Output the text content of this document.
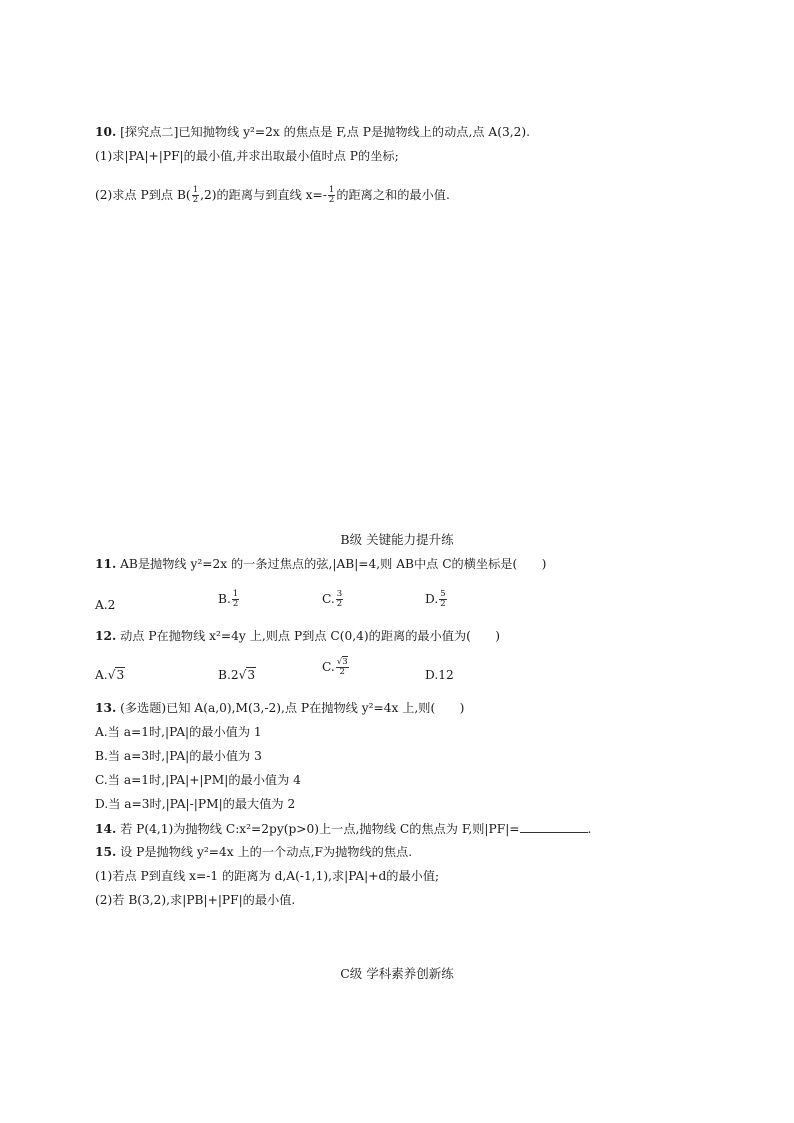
10. [探究点二]已知抛物线 y²=2x 的焦点是 F,点 P是抛物线上的动点,点 A(3,2).
(1)求|PA|+|PF|的最小值,并求出取最小值时点 P的坐标;
(2)求点 P到点 $B( \frac{1}{2} ,2)$的距离与到直线 $x=- \frac{1}{2}$ 的距离之和的最小值.
B级 关键能力提升练
11. AB是抛物线 y²=2x 的一条过焦点的弦,|AB|=4,则 AB中点 C的横坐标是(　　)
A.2	B. $\frac{1}{2}$	C. $\frac{3}{2}$	D. $\frac{5}{2}$
12. 动点 P在抛物线 x²=4y 上,则点 P到点 C(0,4)的距离的最小值为(　　)
A.√3	B.2√3
C. $\frac{√3}{2}$	D.12
13. (多选题)已知 A(a,0),M(3,-2),点 P在抛物线 y²=4x 上,则(　　)
A.当 a=1时,|PA|的最小值为 1
B.当 a=3时,|PA|的最小值为 3
C.当 a=1时,|PA|+|PM|的最小值为 4
D.当 a=3时,|PA|-|PM|的最大值为 2
14. 若 P(4,1)为抛物线 C:x²=2py(p>0)上一点,抛物线 C的焦点为 F,则|PF|=	.
15. 设 P是抛物线 y²=4x 上的一个动点,F为抛物线的焦点.
(1)若点 P到直线 x=-1 的距离为 d,A(-1,1),求|PA|+d的最小值;
(2)若 B(3,2),求|PB|+|PF|的最小值.
C级 学科素养创新练
